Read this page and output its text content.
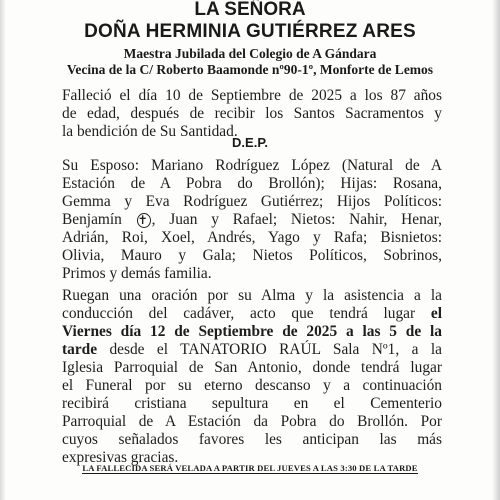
LA SEÑORA
DOÑA HERMINIA GUTIÉRREZ ARES
Maestra Jubilada del Colegio de A Gándara
Vecina de la C/ Roberto Baamonde nº90-1º, Monforte de Lemos
Falleció el día 10 de Septiembre de 2025 a los 87 años
de edad, después de recibir los Santos Sacramentos y
la bendición de Su Santidad.
D.E.P.
Su Esposo: Mariano Rodríguez López (Natural de A
Estación de A Pobra do Brollón); Hijas: Rosana,
Gemma y Eva Rodríguez Gutiérrez; Hijos Políticos:
Benjamín ✝ , Juan y Rafael; Nietos: Nahir, Henar,
Adrián, Roi, Xoel, Andrés, Yago y Rafa; Bisnietos:
Olivia, Mauro y Gala; Nietos Políticos, Sobrinos,
Primos y demás familia.
Ruegan una oración por su Alma y la asistencia a la
conducción del cadáver, acto que tendrá lugar el
Viernes día 12 de Septiembre de 2025 a las 5 de la
tarde desde el TANATORIO RAÚL Sala Nº1, a la
Iglesia Parroquial de San Antonio, donde tendrá lugar
el Funeral por su eterno descanso y a continuación
recibirá cristiana sepultura en el Cementerio
Parroquial de A Estación da Pobra do Brollón. Por
cuyos señalados favores les anticipan las más
expresivas gracias.
LA FALLECIDA SERÁ VELADA A PARTIR DEL JUEVES A LAS 3:30 DE LA TARDE
